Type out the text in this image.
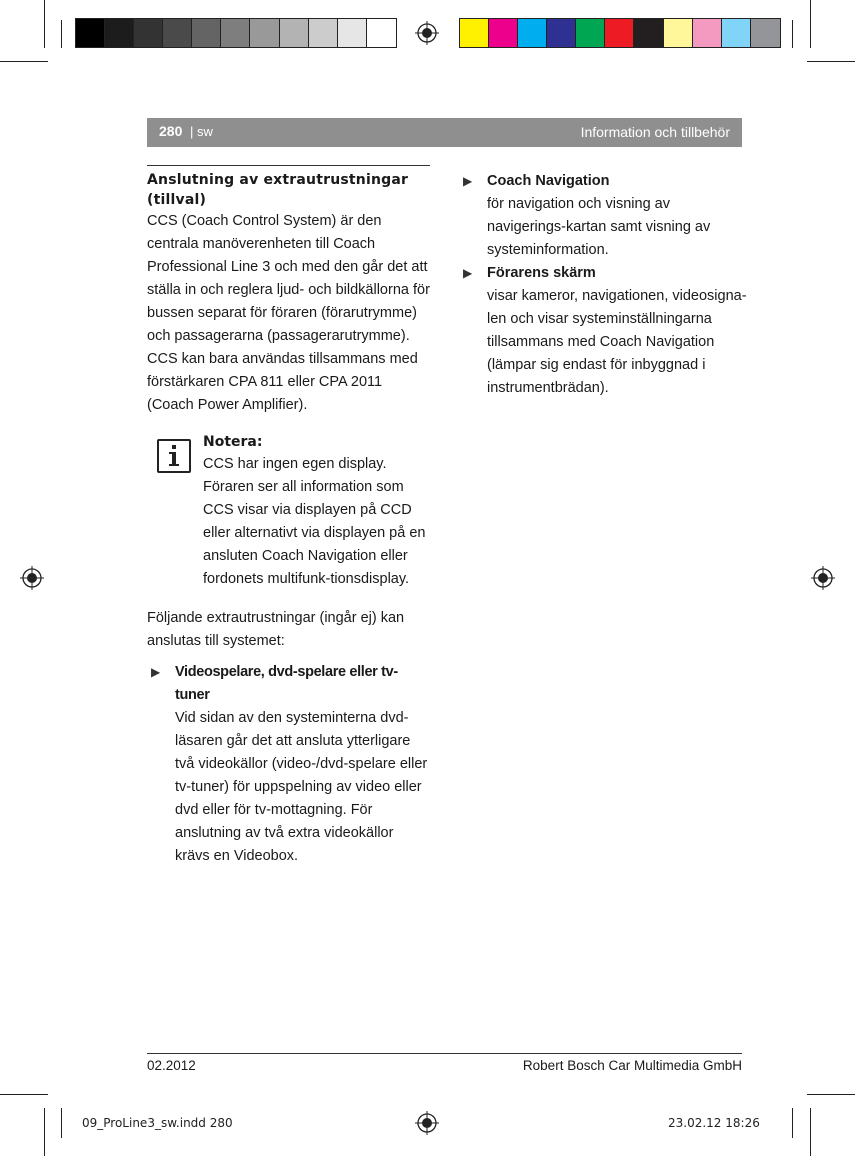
280 | sw	Information och tillbehör
Anslutning av extrautrustningar (tillval)
CCS (Coach Control System) är den centrala manöverenheten till Coach Professional Line 3 och med den går det att ställa in och reglera ljud- och bildkällorna för bussen separat för föraren (förarutrymme) och passagerarna (passagerarutrymme).
CCS kan bara användas tillsammans med förstärkaren CPA 811 eller CPA 2011 (Coach Power Amplifier).
Notera:
CCS har ingen egen display. Föraren ser all information som CCS visar via displayen på CCD eller alternativt via displayen på en ansluten Coach Navigation eller fordonets multifunk-tionsdisplay.
Följande extrautrustningar (ingår ej) kan anslutas till systemet:
▶ Videospelare, dvd-spelare eller tv-tuner
Vid sidan av den systeminterna dvd-läsaren går det att ansluta ytterligare två videokällor (video-/dvd-spelare eller tv-tuner) för uppspelning av video eller dvd eller för tv-mottagning. För anslutning av två extra videokällor krävs en Videobox.
▶ Coach Navigation
för navigation och visning av navigerings-kartan samt visning av systeminformation.
▶ Förarens skärm
visar kameror, navigationen, videosigna-len och visar systeminställningarna tillsammans med Coach Navigation (lämpar sig endast för inbyggnad i instrumentbrädan).
02.2012	Robert Bosch Car Multimedia GmbH
09_ProLine3_sw.indd 280	23.02.12 18:26
